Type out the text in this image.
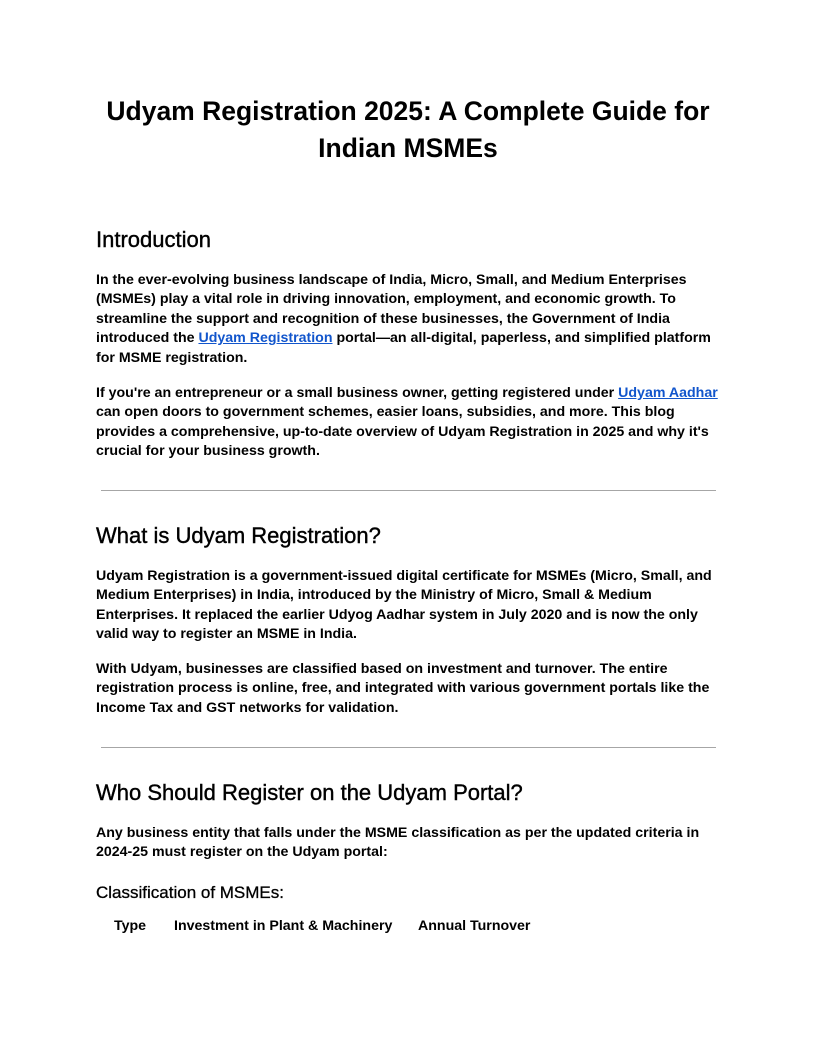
Udyam Registration 2025: A Complete Guide for Indian MSMEs
Introduction

In the ever-evolving business landscape of India, Micro, Small, and Medium Enterprises (MSMEs) play a vital role in driving innovation, employment, and economic growth. To streamline the support and recognition of these businesses, the Government of India introduced the Udyam Registration portal—an all-digital, paperless, and simplified platform for MSME registration.

If you're an entrepreneur or a small business owner, getting registered under Udyam Aadhar can open doors to government schemes, easier loans, subsidies, and more. This blog provides a comprehensive, up-to-date overview of Udyam Registration in 2025 and why it's crucial for your business growth.

What is Udyam Registration?

Udyam Registration is a government-issued digital certificate for MSMEs (Micro, Small, and Medium Enterprises) in India, introduced by the Ministry of Micro, Small & Medium Enterprises. It replaced the earlier Udyog Aadhar system in July 2020 and is now the only valid way to register an MSME in India.

With Udyam, businesses are classified based on investment and turnover. The entire registration process is online, free, and integrated with various government portals like the Income Tax and GST networks for validation.

Who Should Register on the Udyam Portal?

Any business entity that falls under the MSME classification as per the updated criteria in 2024-25 must register on the Udyam portal:

Classification of MSMEs:
Type Investment in Plant & Machinery Annual Turnover
